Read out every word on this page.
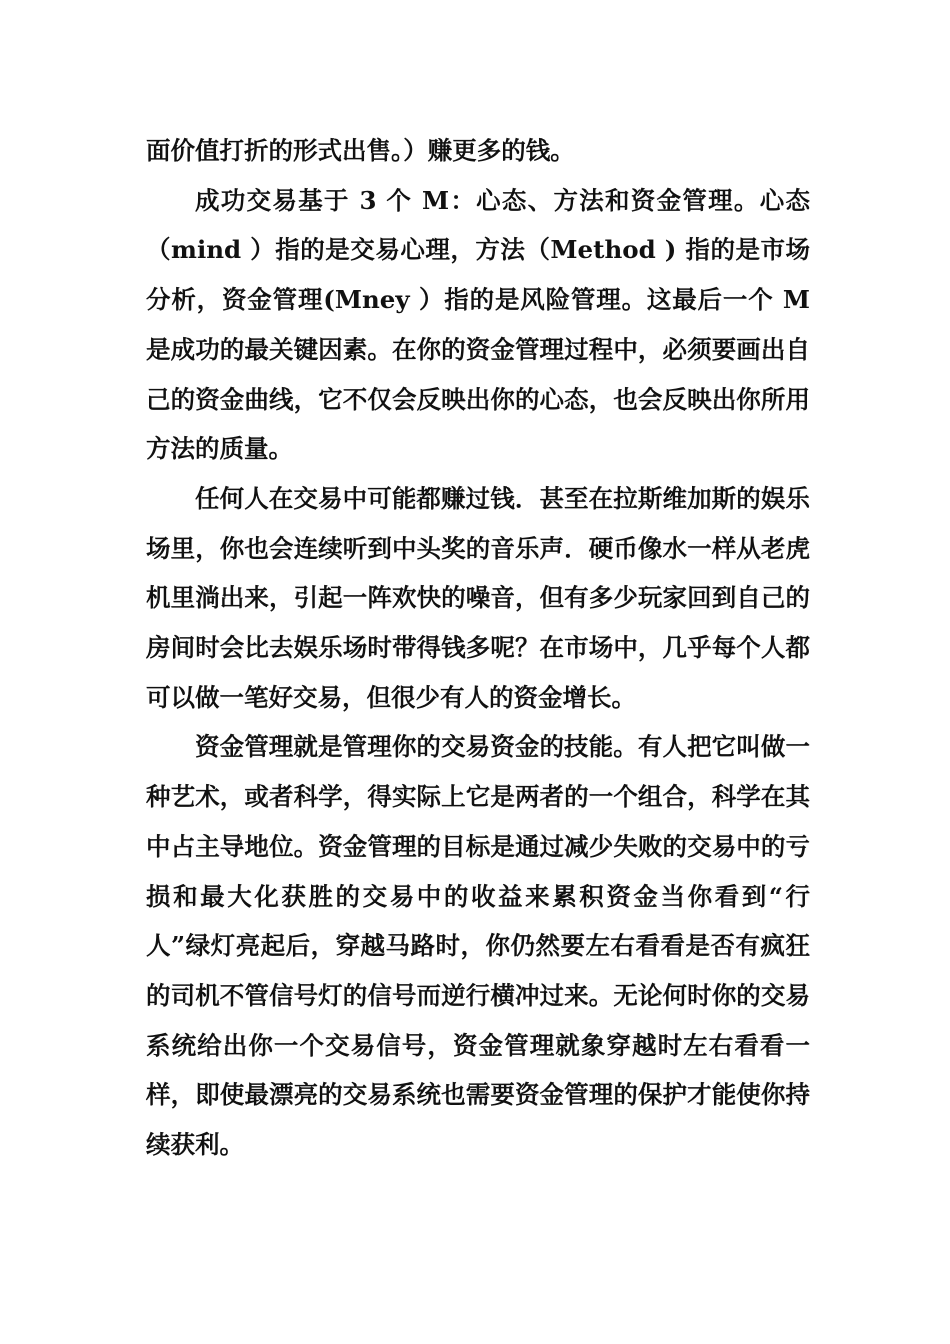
面价值打折的形式出售。）赚更多的钱。

成功交易基于 3 个 M：心态、方法和资金管理。心态（mind ）指的是交易心理，方法（Method ) 指的是市场分析，资金管理(Mney ）指的是风险管理。这最后一个 M 是成功的最关键因素。在你的资金管理过程中，必须要画出自己的资金曲线，它不仅会反映出你的心态，也会反映出你所用方法的质量。

任何人在交易中可能都赚过钱．甚至在拉斯维加斯的娱乐场里，你也会连续听到中头奖的音乐声．硬币像水一样从老虎机里淌出来，引起一阵欢快的噪音，但有多少玩家回到自己的房间时会比去娱乐场时带得钱多呢？在市场中，几乎每个人都可以做一笔好交易，但很少有人的资金增长。

资金管理就是管理你的交易资金的技能。有人把它叫做一种艺术，或者科学，得实际上它是两者的一个组合，科学在其中占主导地位。资金管理的目标是通过减少失败的交易中的亏损和最大化获胜的交易中的收益来累积资金当你看到“行人”绿灯亮起后，穿越马路时，你仍然要左右看看是否有疯狂的司机不管信号灯的信号而逆行横冲过来。无论何时你的交易系统给出你一个交易信号，资金管理就象穿越时左右看看一样，即使最漂亮的交易系统也需要资金管理的保护才能使你持续获利。
